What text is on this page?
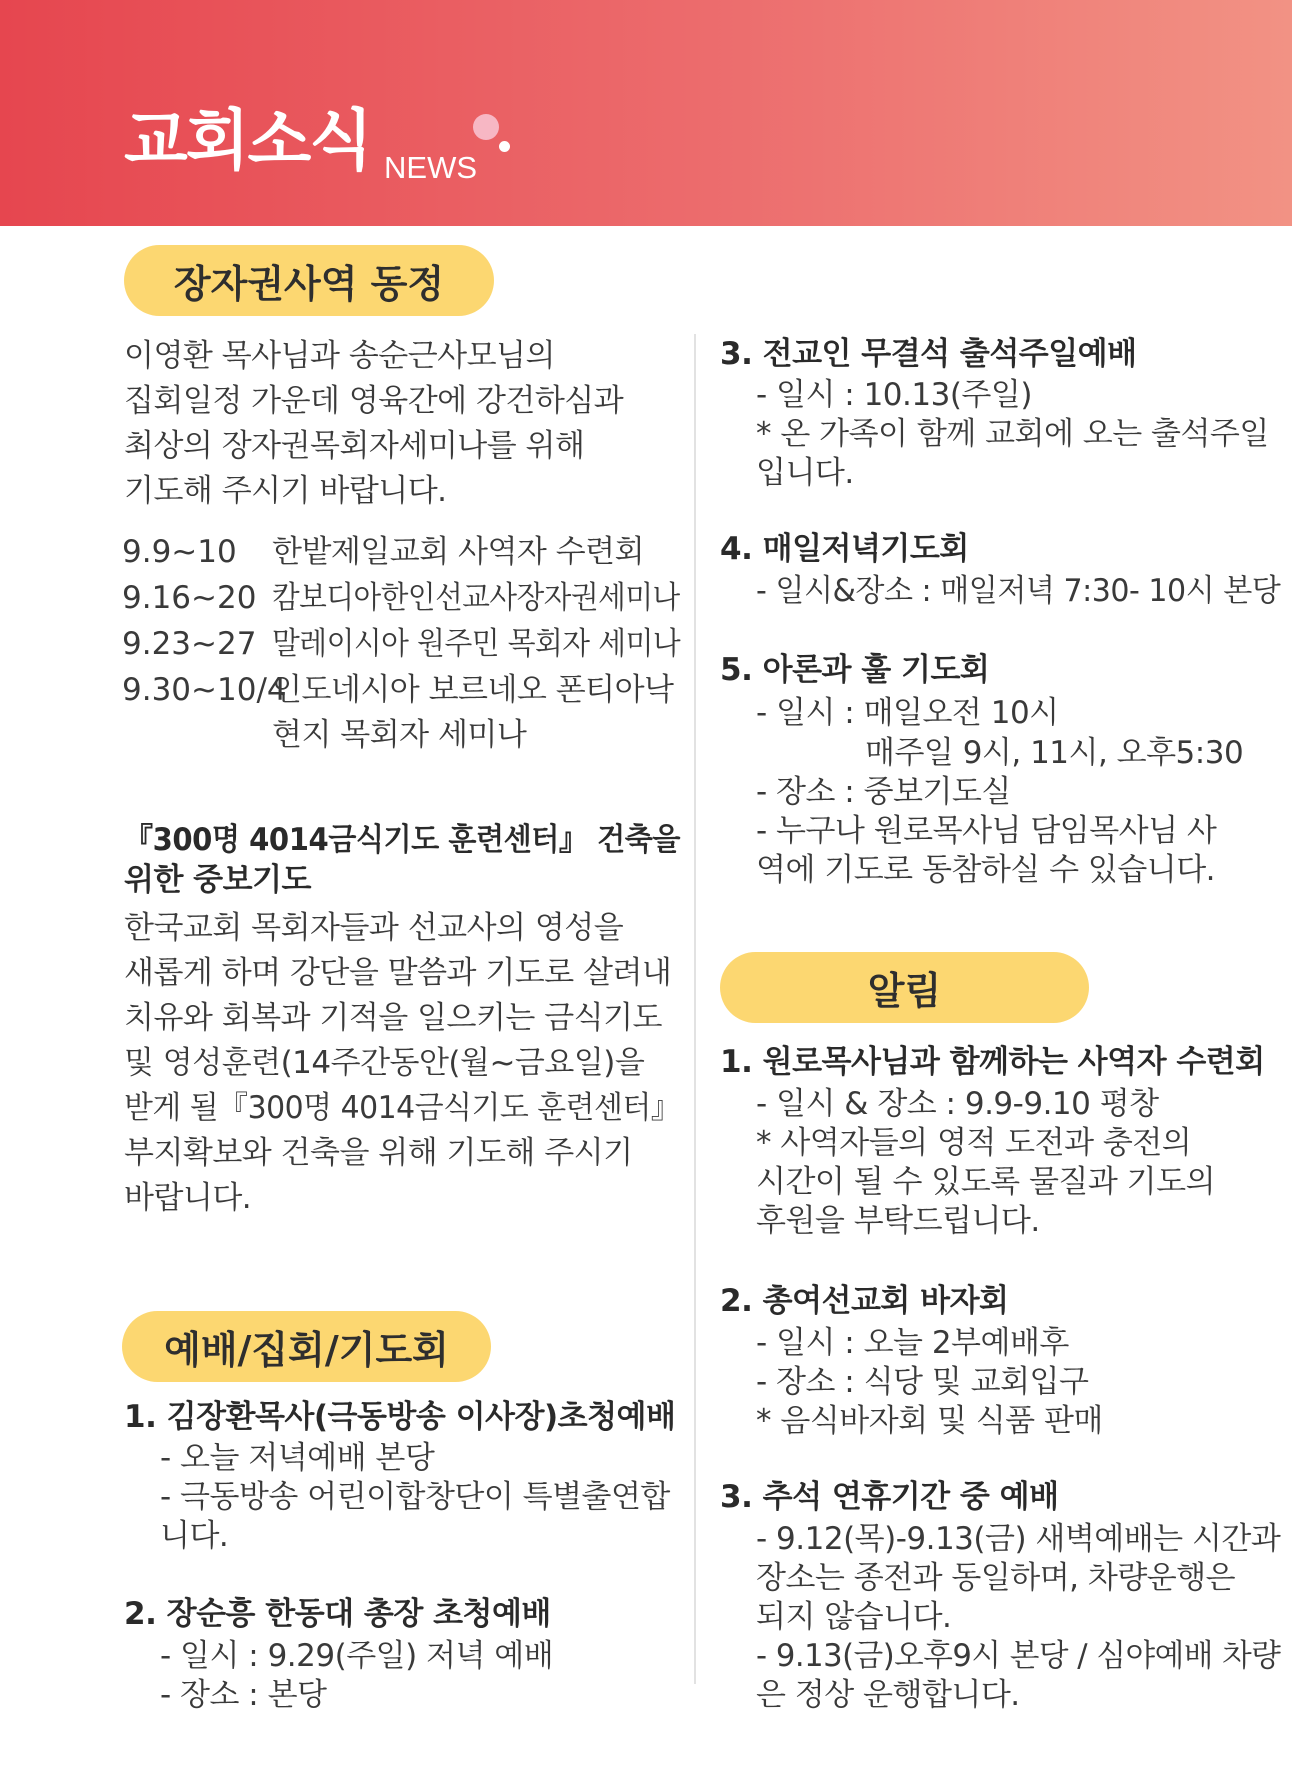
교회소식 NEWS
장자권사역 동정
이영환 목사님과 송순근사모님의
집회일정 가운데 영육간에 강건하심과
최상의 장자권목회자세미나를 위해
기도해 주시기 바랍니다.
9.9~10 한밭제일교회 사역자 수련회
9.16~20 캄보디아한인선교사장자권세미나
9.23~27 말레이시아 원주민 목회자 세미나
9.30~10/4
인도네시아 보르네오 폰티아낙
현지 목회자 세미나
『300명 4014금식기도 훈련센터』 건축을
위한 중보기도
한국교회 목회자들과 선교사의 영성을
새롭게 하며 강단을 말씀과 기도로 살려내
치유와 회복과 기적을 일으키는 금식기도
및 영성훈련(14주간동안(월~금요일)을
받게 될『300명 4014금식기도 훈련센터』
부지확보와 건축을 위해 기도해 주시기
바랍니다.
예배/집회/기도회
1. 김장환목사(극동방송 이사장)초청예배
- 오늘 저녁예배 본당
- 극동방송 어린이합창단이 특별출연합
니다.
2. 장순흥 한동대 총장 초청예배
- 일시 : 9.29(주일) 저녁 예배
- 장소 : 본당
3. 전교인 무결석 출석주일예배
- 일시 : 10.13(주일)
* 온 가족이 함께 교회에 오는 출석주일
입니다.
4. 매일저녁기도회
- 일시&장소 : 매일저녁 7:30- 10시 본당
5. 아론과 훌 기도회
- 일시 : 매일오전 10시
매주일 9시, 11시, 오후5:30
- 장소 : 중보기도실
- 누구나 원로목사님 담임목사님 사
역에 기도로 동참하실 수 있습니다.
알림
1. 원로목사님과 함께하는 사역자 수련회
- 일시 & 장소 : 9.9-9.10 평창
* 사역자들의 영적 도전과 충전의
시간이 될 수 있도록 물질과 기도의
후원을 부탁드립니다.
2. 총여선교회 바자회
- 일시 : 오늘 2부예배후
- 장소 : 식당 및 교회입구
* 음식바자회 및 식품 판매
3. 추석 연휴기간 중 예배
- 9.12(목)-9.13(금) 새벽예배는 시간과
장소는 종전과 동일하며, 차량운행은
되지 않습니다.
- 9.13(금)오후9시 본당 / 심야예배 차량
은 정상 운행합니다.
